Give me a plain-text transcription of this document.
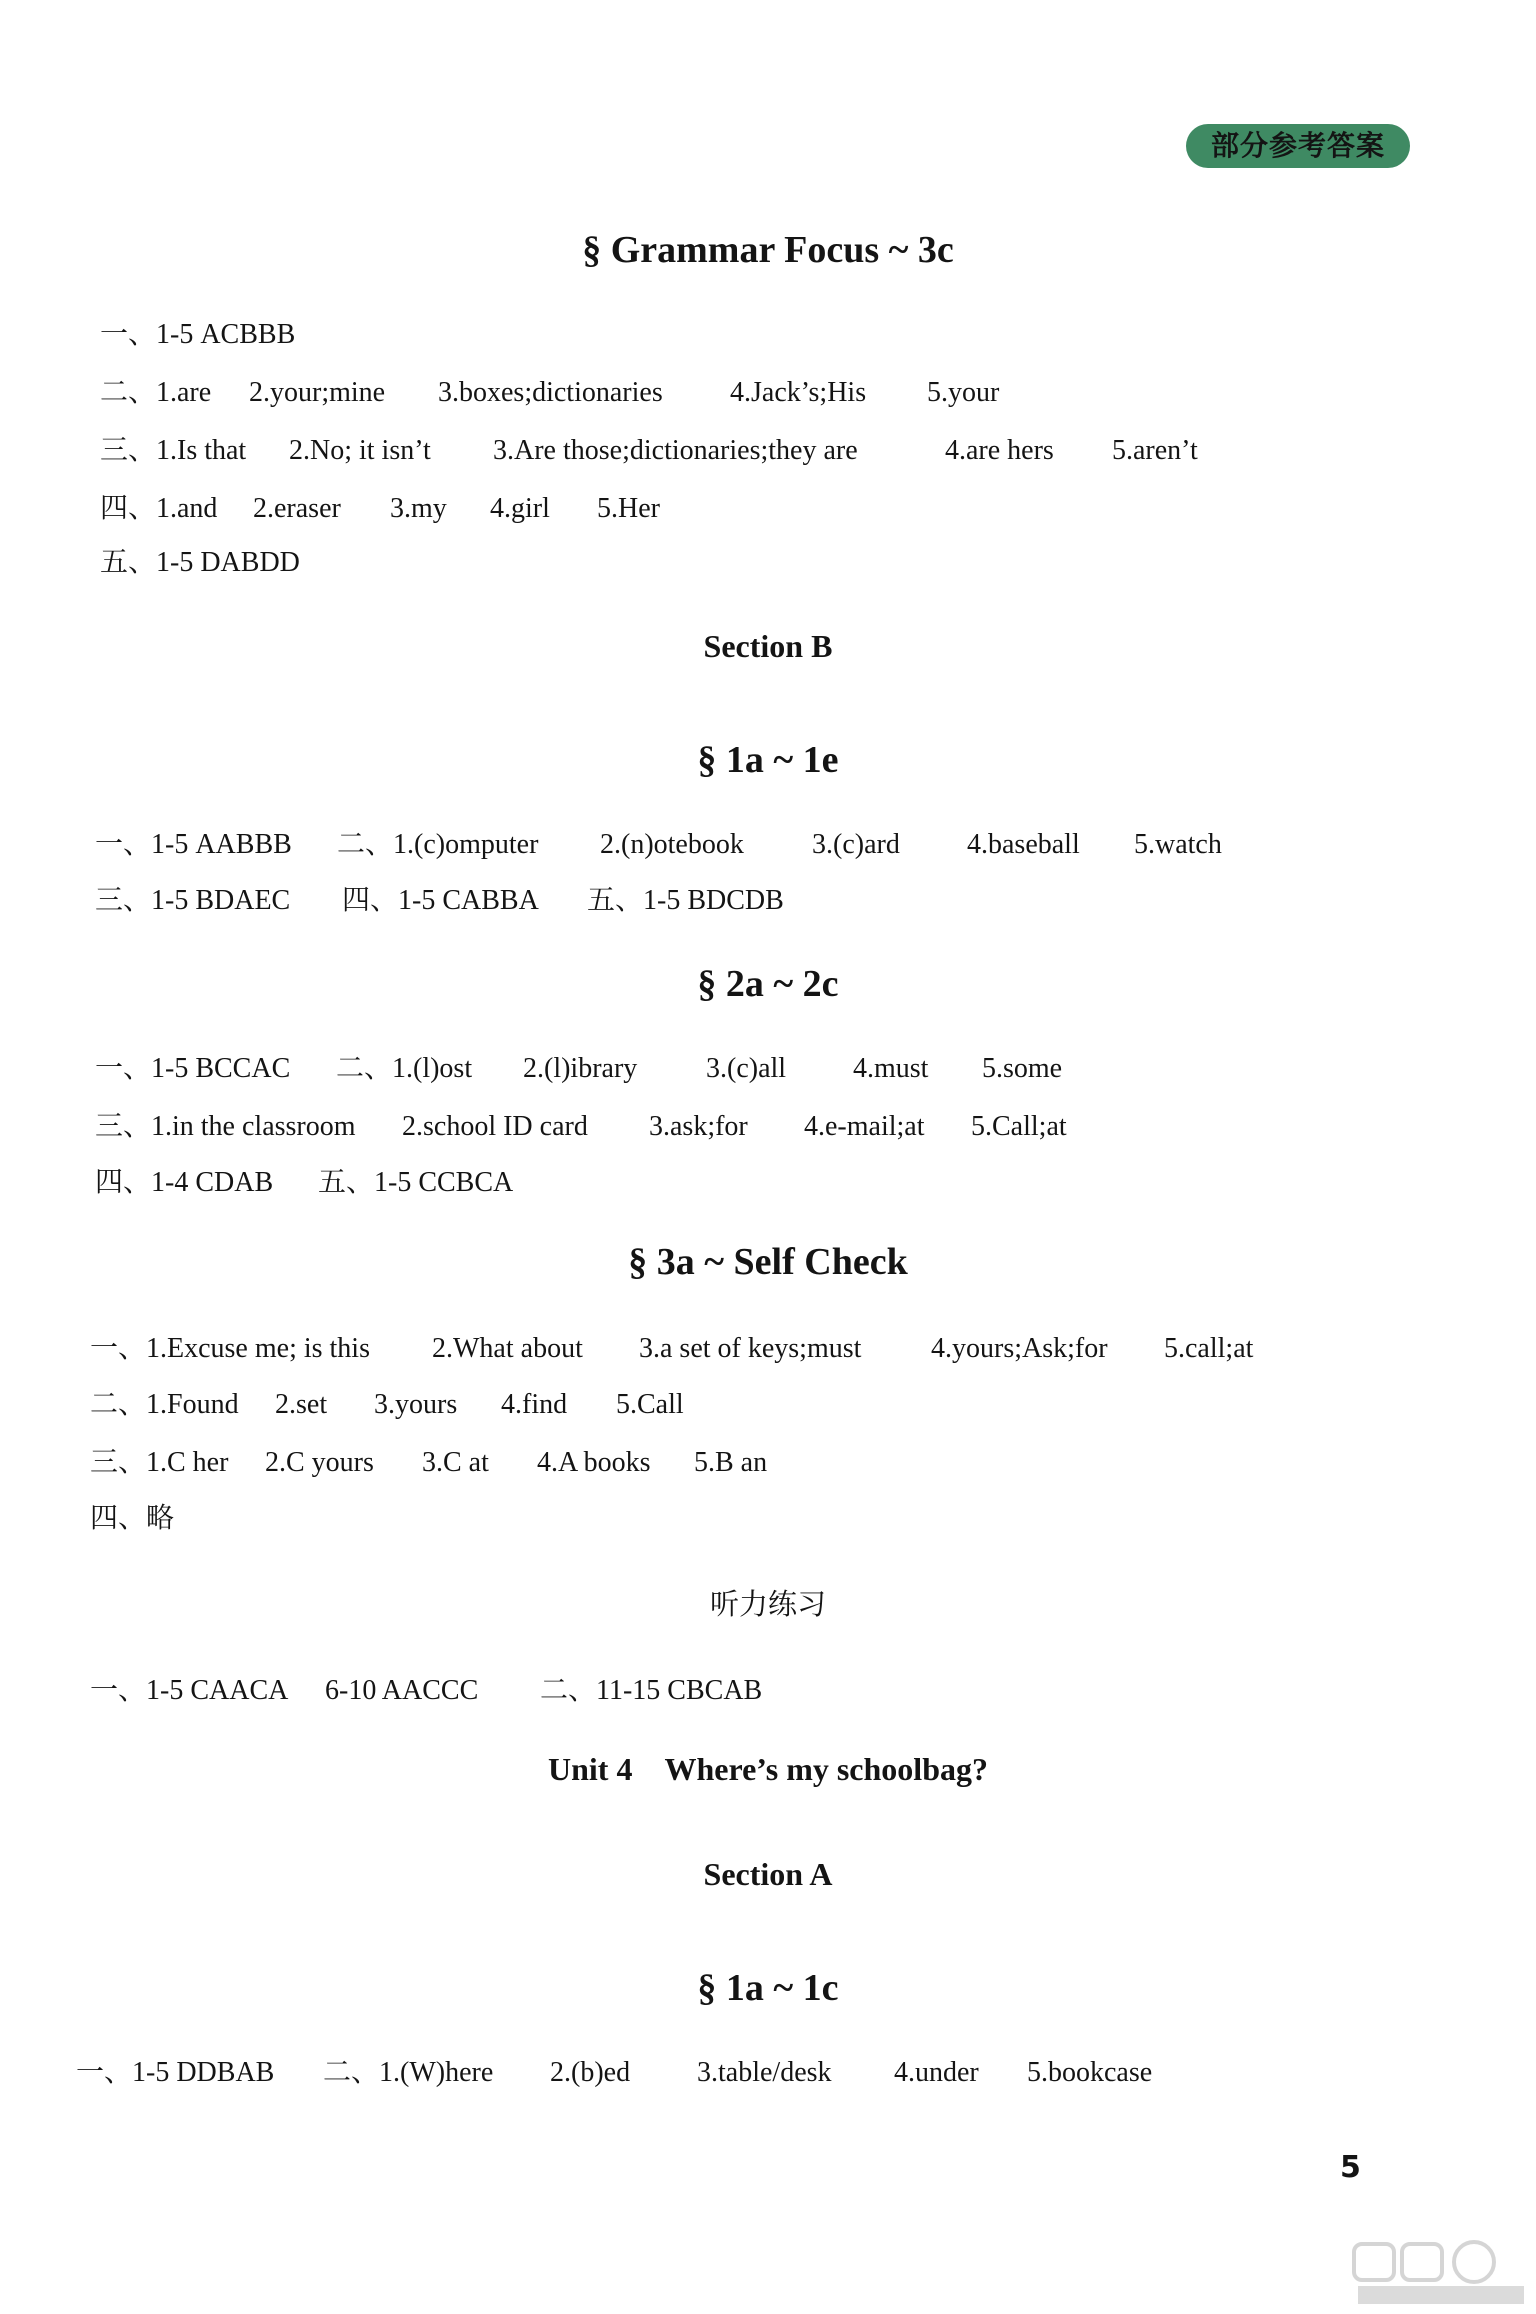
部分参考答案
§ Grammar Focus ~ 3c
一、1-5 ACBBB
二、1.are 2.your;mine 3.boxes;dictionaries 4.Jack’s;His 5.your
三、1.Is that 2.No; it isn’t 3.Are those;dictionaries;they are	4.are hers 5.aren’t
四、1.and 2.eraser 3.my 4.girl 5.Her
五、1-5 DABDD
Section B
§ 1a ~ 1e
一、1-5 AABBB 二、1.(c)omputer 2.(n)otebook 3.(c)ard 4.baseball 5.watch
三、1-5 BDAEC 四、1-5 CABBA 五、1-5 BDCDB
§ 2a ~ 2c
一、1-5 BCCAC 二、1.(l)ost 2.(l)ibrary 3.(c)all 4.must 5.some
三、1.in the classroom 2.school ID card 3.ask;for 4.e-mail;at 5.Call;at
四、1-4 CDAB 五、1-5 CCBCA
§ 3a ~ Self Check
一、1.Excuse me; is this 2.What about 3.a set of keys;must 4.yours;Ask;for 5.call;at
二、1.Found 2.set 3.yours 4.find 5.Call
三、1.C her 2.C yours 3.C at 4.A books 5.B an
四、略
听力练习
一、1-5 CAACA 6-10 AACCC 二、11-15 CBCAB
Unit 4　Where’s my schoolbag?
Section A
§ 1a ~ 1c
一、1-5 DDBAB 二、1.(W)here 2.(b)ed 3.table/desk 4.under 5.bookcase
5
